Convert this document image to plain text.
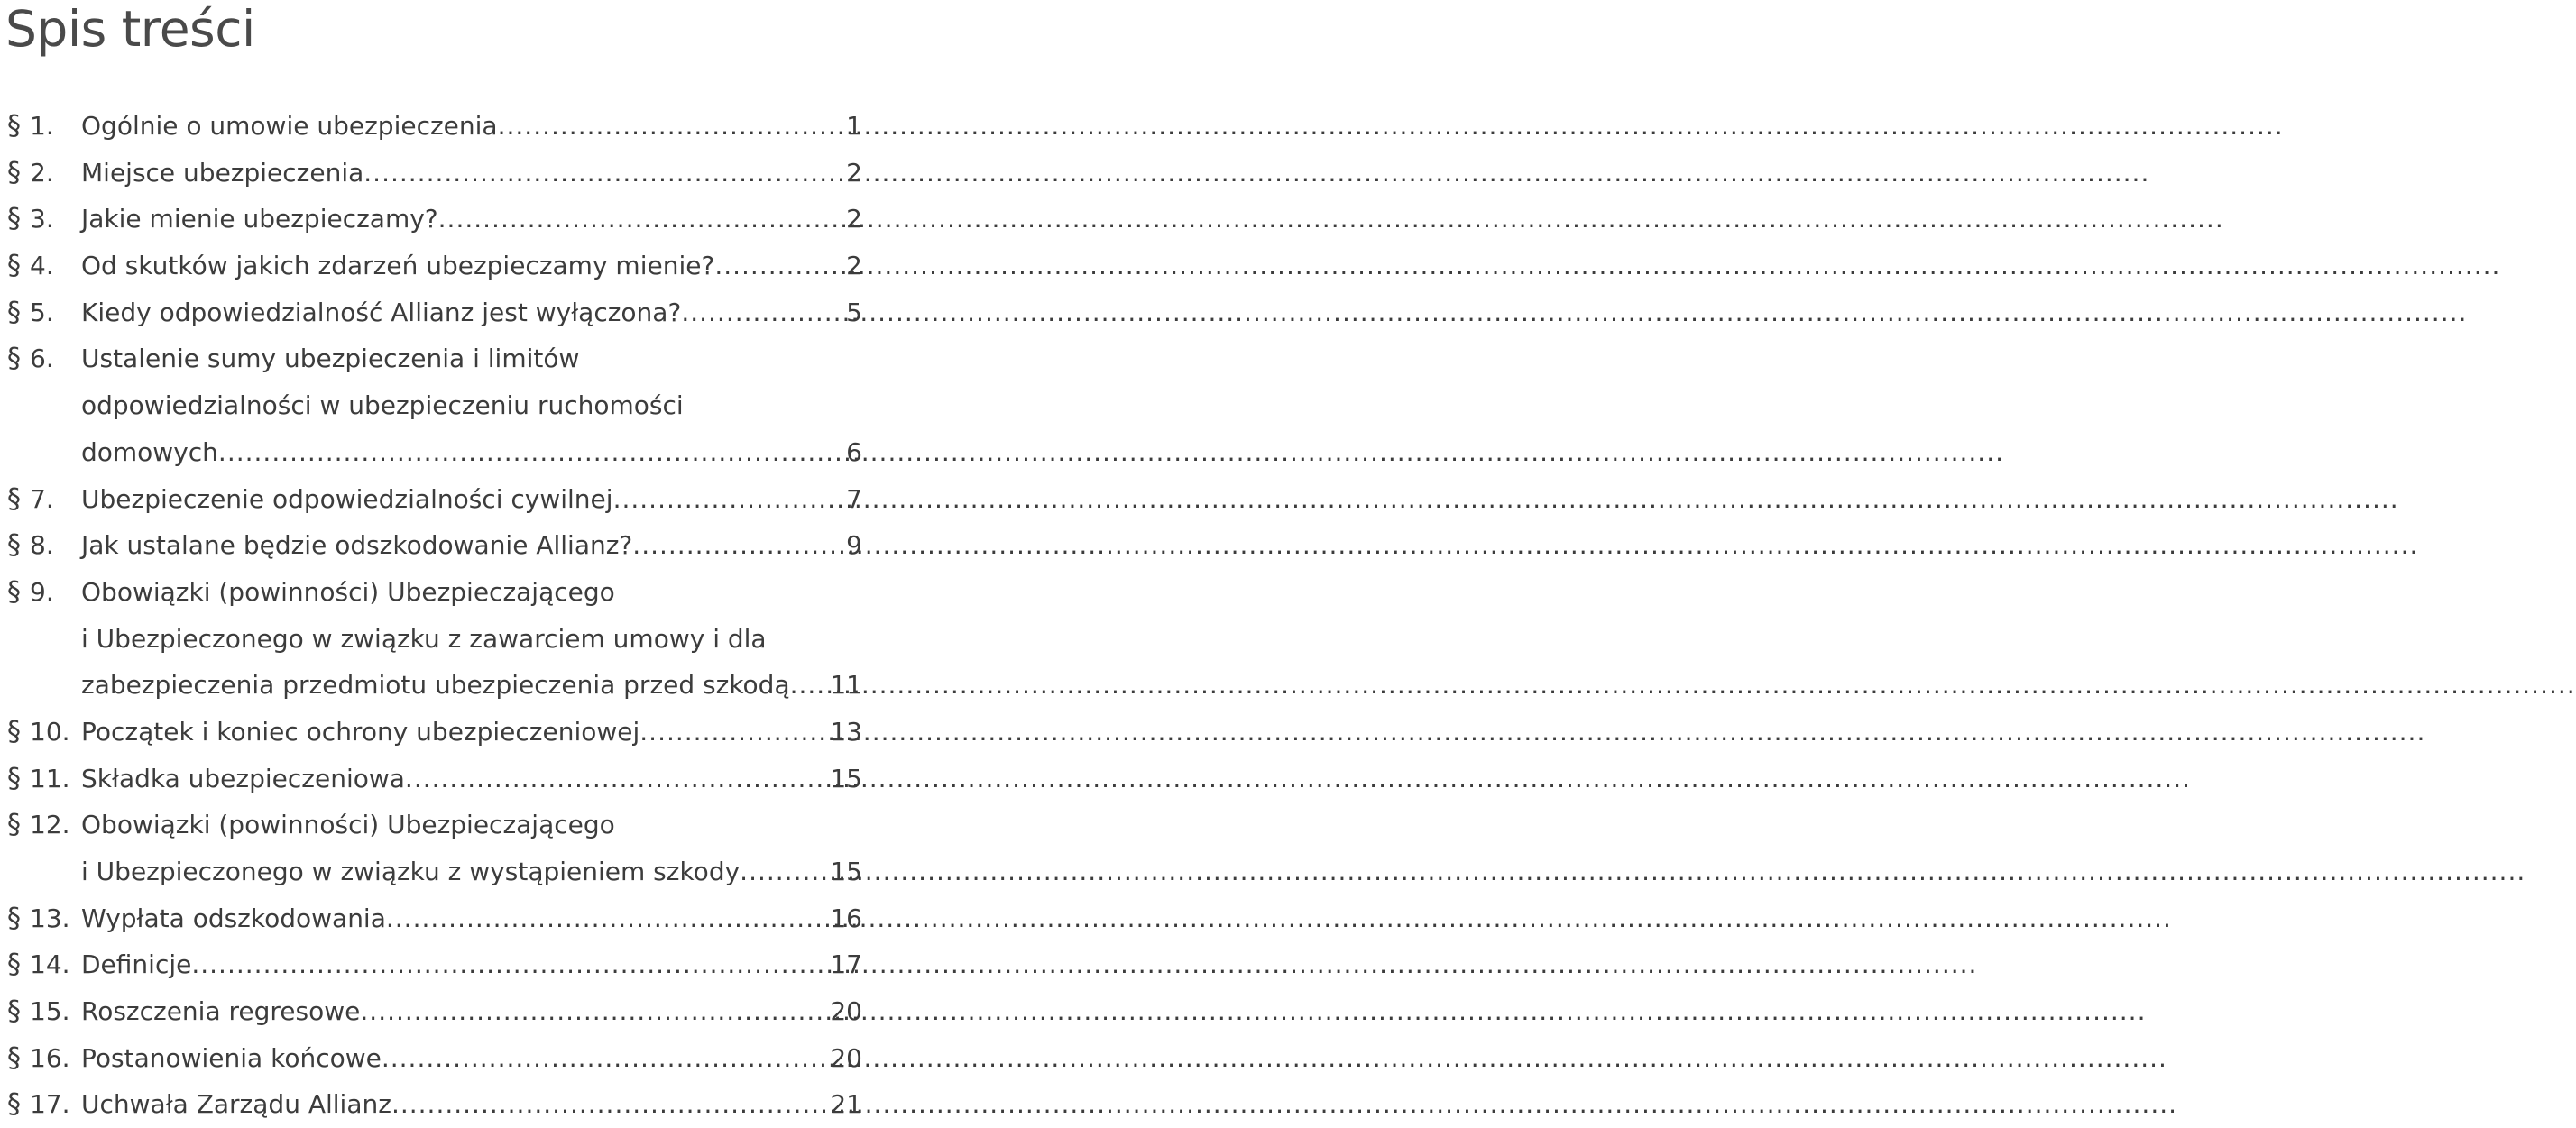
Spis treści
§ 1. Ogólnie o umowie ubezpieczenia .....	1
§ 2. Miejsce ubezpieczenia .....	2
§ 3. Jakie mienie ubezpieczamy? .....	2
§ 4. Od skutków jakich zdarzeń ubezpieczamy mienie? .....	2
§ 5. Kiedy odpowiedzialność Allianz jest wyłączona? .....	5
§ 6. Ustalenie sumy ubezpieczenia i limitów
odpowiedzialności w ubezpieczeniu ruchomości
domowych .....	6
§ 7. Ubezpieczenie odpowiedzialności cywilnej .....	7
§ 8. Jak ustalane będzie odszkodowanie Allianz? .....	9
§ 9. Obowiązki (powinności) Ubezpieczającego
i Ubezpieczonego w związku z zawarciem umowy i dla
zabezpieczenia przedmiotu ubezpieczenia przed szkodą ..... 11
§ 10. Początek i koniec ochrony ubezpieczeniowej .....	13
§ 11. Składka ubezpieczeniowa .....	15
§ 12. Obowiązki (powinności) Ubezpieczającego
i Ubezpieczonego w związku z wystąpieniem szkody .....	15
§ 13. Wypłata odszkodowania .....	16
§ 14. Definicje .....	17
§ 15. Roszczenia regresowe .....	20
§ 16. Postanowienia końcowe .....	20
§ 17. Uchwała Zarządu Allianz .....	21
